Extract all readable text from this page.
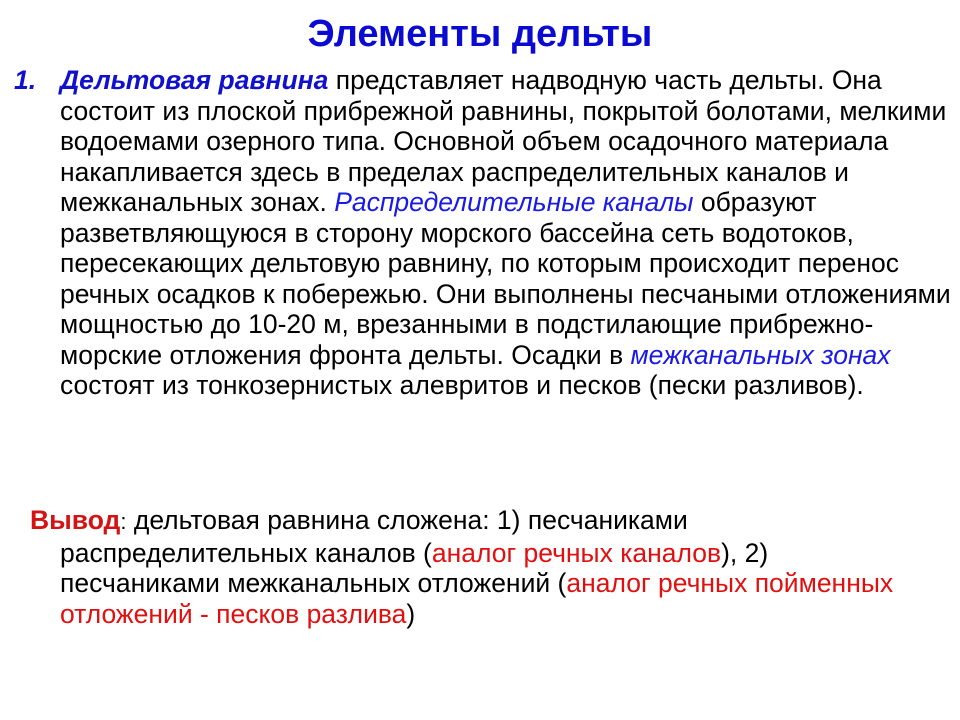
Элементы дельты
1. Дельтовая равнина представляет надводную часть дельты. Она состоит из плоской прибрежной равнины, покрытой болотами, мелкими водоемами озерного типа. Основной объем осадочного материала накапливается здесь в пределах распределительных каналов и межканальных зонах. Распределительные каналы образуют разветвляющуюся в сторону морского бассейна сеть водотоков, пересекающих дельтовую равнину, по которым происходит перенос речных осадков к побережью. Они выполнены песчаными отложениями мощностью до 10-20 м, врезанными в подстилающие прибрежно-морские отложения фронта дельты. Осадки в межканальных зонах состоят из тонкозернистых алевритов и песков (пески разливов).
Вывод: дельтовая равнина сложена: 1) песчаниками распределительных каналов (аналог речных каналов), 2) песчаниками межканальных отложений (аналог речных пойменных отложений - песков разлива)
